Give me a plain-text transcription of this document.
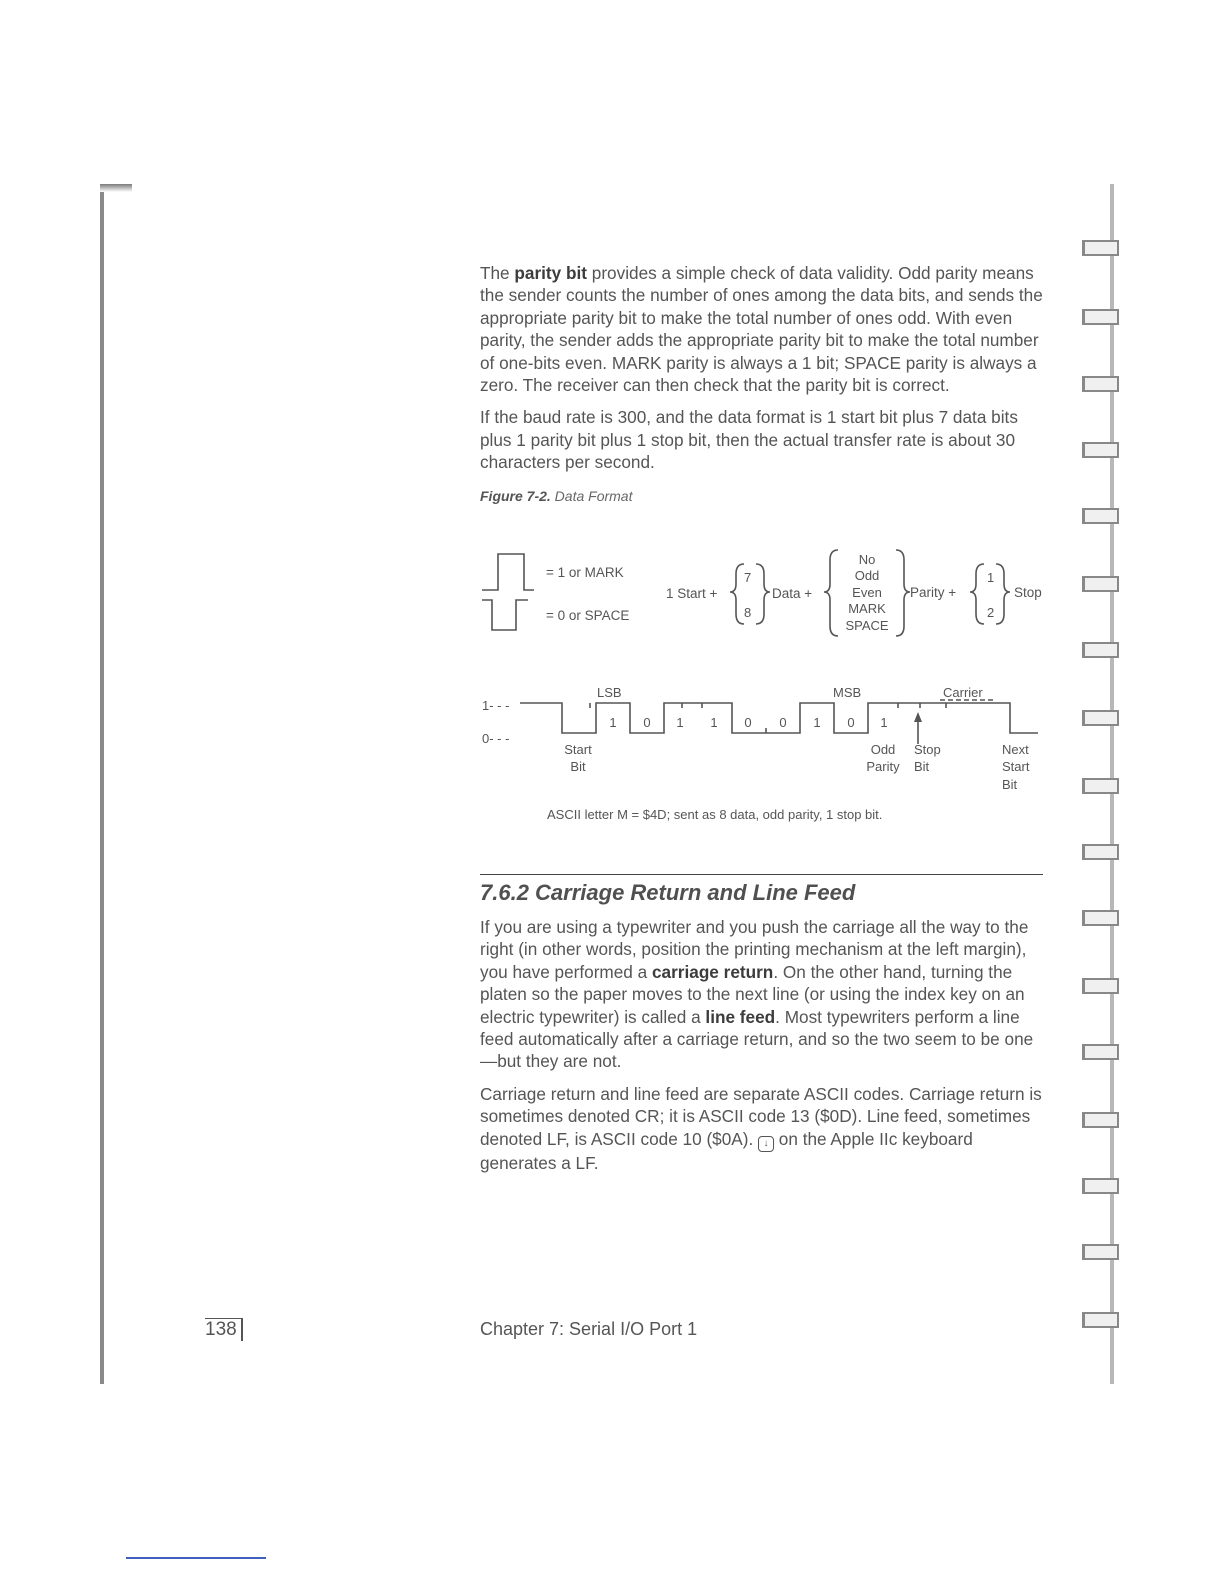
The parity bit provides a simple check of data validity. Odd parity means the sender counts the number of ones among the data bits, and sends the appropriate parity bit to make the total number of ones odd. With even parity, the sender adds the appropriate parity bit to make the total number of one-bits even. MARK parity is always a 1 bit; SPACE parity is always a zero. The receiver can then check that the parity bit is correct.

If the baud rate is 300, and the data format is 1 start bit plus 7 data bits plus 1 parity bit plus 1 stop bit, then the actual transfer rate is about 30 characters per second.

Figure 7-2. Data Format
= 1 or MARK
= 0 or SPACE
1 Start +
7
8
Data +
No
Odd
Even
MARK
SPACE
Parity +
1
2
Stop
1- - -
0- - -
LSB	MSB	Carrier
1 0 1 1 0 0 1 0 1
Start
Bit
Odd
Parity
Stop
Bit
Next
Start
Bit
ASCII letter M = $4D; sent as 8 data, odd parity, 1 stop bit.
7.6.2 Carriage Return and Line Feed

If you are using a typewriter and you push the carriage all the way to the right (in other words, position the printing mechanism at the left margin), you have performed a carriage return. On the other hand, turning the platen so the paper moves to the next line (or using the index key on an electric typewriter) is called a line feed. Most typewriters perform a line feed automatically after a carriage return, and so the two seem to be one—but they are not.

Carriage return and line feed are separate ASCII codes. Carriage return is sometimes denoted CR; it is ASCII code 13 ($0D). Line feed, sometimes denoted LF, is ASCII code 10 ($0A). ↓ on the Apple IIc keyboard generates a LF.

138	Chapter 7: Serial I/O Port 1
